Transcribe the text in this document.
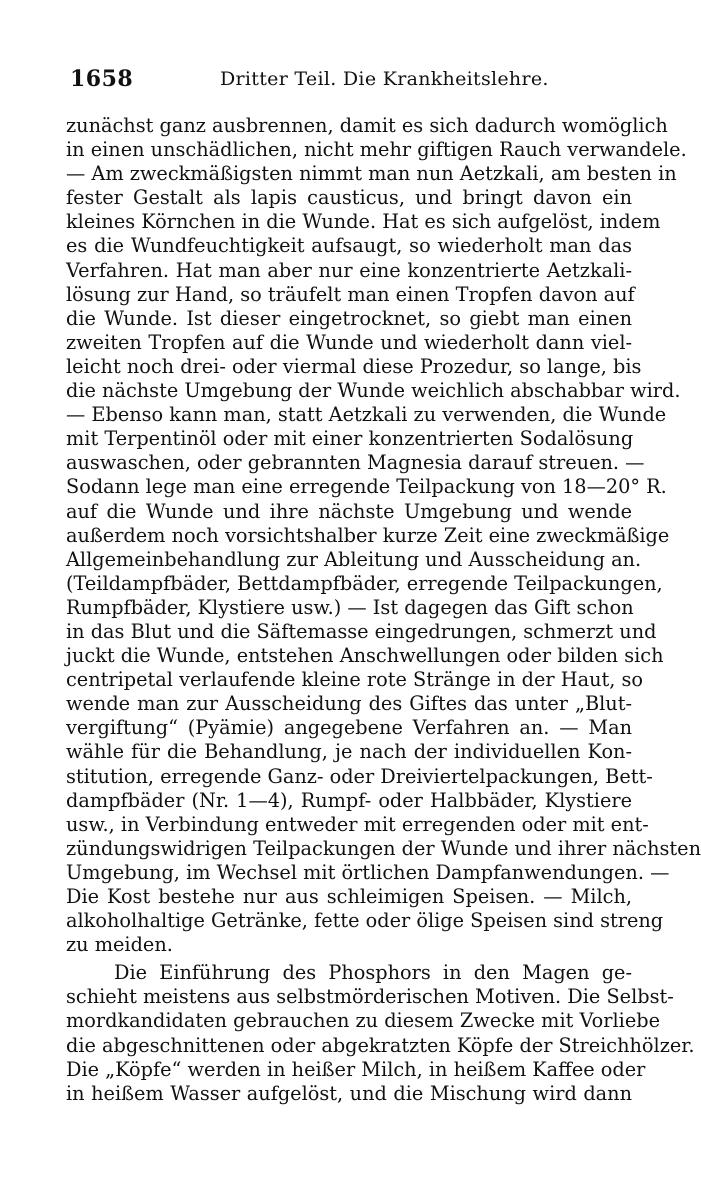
1658	Dritter Teil. Die Krankheitslehre.
zunächst ganz ausbrennen, damit es sich dadurch womöglich
in einen unschädlichen, nicht mehr giftigen Rauch verwandele.
— Am zweckmäßigsten nimmt man nun Aetzkali, am besten in
fester Gestalt als lapis causticus, und bringt davon ein
kleines Körnchen in die Wunde. Hat es sich aufgelöst, indem
es die Wundfeuchtigkeit aufsaugt, so wiederholt man das
Verfahren. Hat man aber nur eine konzentrierte Aetzkali-
lösung zur Hand, so träufelt man einen Tropfen davon auf
die Wunde. Ist dieser eingetrocknet, so giebt man einen
zweiten Tropfen auf die Wunde und wiederholt dann viel-
leicht noch drei- oder viermal diese Prozedur, so lange, bis
die nächste Umgebung der Wunde weichlich abschabbar wird.
— Ebenso kann man, statt Aetzkali zu verwenden, die Wunde
mit Terpentinöl oder mit einer konzentrierten Sodalösung
auswaschen, oder gebrannten Magnesia darauf streuen. —
Sodann lege man eine erregende Teilpackung von 18—20° R.
auf die Wunde und ihre nächste Umgebung und wende
außerdem noch vorsichtshalber kurze Zeit eine zweckmäßige
Allgemeinbehandlung zur Ableitung und Ausscheidung an.
(Teildampfbäder, Bettdampfbäder, erregende Teilpackungen,
Rumpfbäder, Klystiere usw.) — Ist dagegen das Gift schon
in das Blut und die Säftemasse eingedrungen, schmerzt und
juckt die Wunde, entstehen Anschwellungen oder bilden sich
centripetal verlaufende kleine rote Stränge in der Haut, so
wende man zur Ausscheidung des Giftes das unter „Blut-
vergiftung“ (Pyämie) angegebene Verfahren an. — Man
wähle für die Behandlung, je nach der individuellen Kon-
stitution, erregende Ganz- oder Dreiviertelpackungen, Bett-
dampfbäder (Nr. 1—4), Rumpf- oder Halbbäder, Klystiere
usw., in Verbindung entweder mit erregenden oder mit ent-
zündungswidrigen Teilpackungen der Wunde und ihrer nächsten
Umgebung, im Wechsel mit örtlichen Dampfanwendungen. —
Die Kost bestehe nur aus schleimigen Speisen. — Milch,
alkoholhaltige Getränke, fette oder ölige Speisen sind streng
zu meiden.
Die Einführung des Phosphors in den Magen ge-
schieht meistens aus selbstmörderischen Motiven. Die Selbst-
mordkandidaten gebrauchen zu diesem Zwecke mit Vorliebe
die abgeschnittenen oder abgekratzten Köpfe der Streichhölzer.
Die „Köpfe“ werden in heißer Milch, in heißem Kaffee oder
in heißem Wasser aufgelöst, und die Mischung wird dann
